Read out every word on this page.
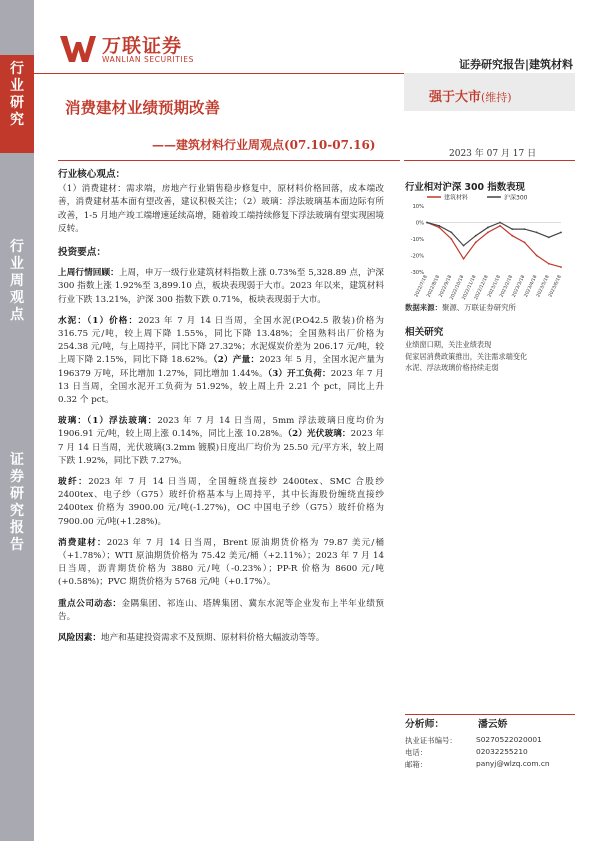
行
业
研
究
行
业
周
观
点
证
券
研
究
报
告
万联证券
WANLIAN SECURITIES	证券研究报告|建筑材料
强于大市(维持)
消费建材业绩预期改善
——建筑材料行业周观点(07.10-07.16)
2023 年 07 月 17 日
行业核心观点：
（1）消费建材：需求端，房地产行业销售稳步修复中，原材料价格回落，成本端改善，消费建材基本面有望改善，建议积极关注；（2）玻璃：浮法玻璃基本面边际有所改善，1-5 月地产竣工端增速延续高增，随着竣工端持续修复下浮法玻璃有望实现困境反转。
投资要点：
上周行情回顾：上周，申万一级行业建筑材料指数上涨 0.73%至 5,328.89 点，沪深 300 指数上涨 1.92%至 3,899.10 点，板块表现弱于大市。2023 年以来，建筑材料行业下跌 13.21%，沪深 300 指数下跌 0.71%，板块表现弱于大市。
水泥：（1）价格：2023 年 7 月 14 日当周，全国水泥(P.O42.5 散装)价格为 316.75 元/吨，较上周下降 1.55%，同比下降 13.48%；全国熟料出厂价格为 254.38 元/吨，与上周持平，同比下降 27.32%；水泥煤炭价差为 206.17 元/吨，较上周下降 2.15%，同比下降 18.62%。（2）产量：2023 年 5 月，全国水泥产量为 196379 万吨，环比增加 1.27%，同比增加 1.44%。（3）开工负荷：2023 年 7 月 13 日当周，全国水泥开工负荷为 51.92%，较上周上升 2.21 个 pct，同比上升 0.32 个 pct。
玻璃：（1）浮法玻璃：2023 年 7 月 14 日当周，5mm 浮法玻璃日度均价为 1906.91 元/吨，较上周上涨 0.14%，同比上涨 10.28%。（2）光伏玻璃：2023 年 7 月 14 日当周，光伏玻璃(3.2mm 镀膜)日度出厂均价为 25.50 元/平方米，较上周下跌 1.92%，同比下跌 7.27%。
玻纤：2023 年 7 月 14 日当周，全国缠绕直接纱 2400tex、SMC 合股纱 2400tex、电子纱（G75）玻纤价格基本与上周持平，其中长海股份缠绕直接纱 2400tex 价格为 3900.00 元/吨(-1.27%)，OC 中国电子纱（G75）玻纤价格为 7900.00 元/吨(+1.28%)。
消费建材：2023 年 7 月 14 日当周，Brent 原油期货价格为 79.87 美元/桶（+1.78%）；WTI 原油期货价格为 75.42 美元/桶（+2.11%）；2023 年 7 月 14 日当周，沥青期货价格为 3880 元/吨（-0.23%）；PP-R 价格为 8600 元/吨(+0.58%)；PVC 期货价格为 5768 元/吨（+0.17%）。
重点公司动态：金隅集团、祁连山、塔牌集团、冀东水泥等企业发布上半年业绩预告。
风险因素：地产和基建投资需求不及预期、原材料价格大幅波动等等。
行业相对沪深 300 指数表现
建筑材料	沪深300
10%
0%
-10%
-20%
-30%
2022/7/18
2022/8/18
2022/9/18
2022/10/18
2022/11/18
2022/12/18
2023/1/18
2023/2/18
2023/3/18
2023/4/18
2023/5/18
2023/6/18
数据来源：聚源、万联证券研究所
相关研究
业绩窗口期，关注业绩表现
促家居消费政策推出，关注需求端变化
水泥、浮法玻璃价格持续走弱
分析师：	潘云娇
执业证书编号：	S0270522020001
电话：	02032255210
邮箱：	panyj@wlzq.com.cn
